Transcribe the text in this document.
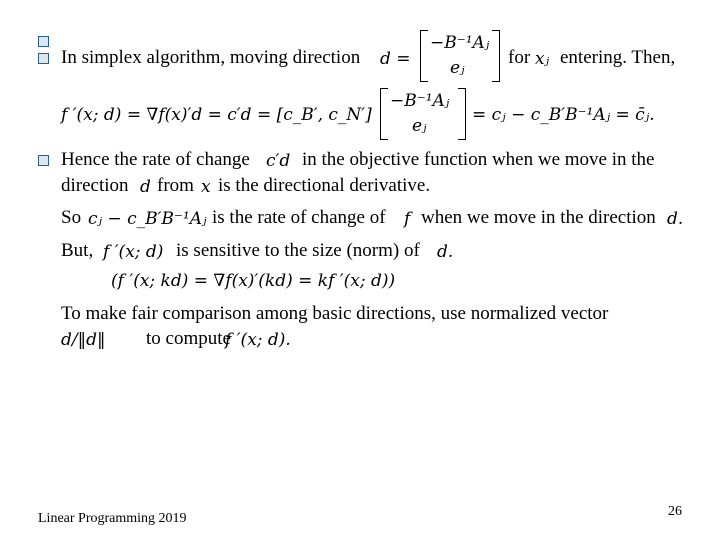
In simplex algorithm, moving direction d =
−B⁻¹Aⱼ
eⱼ for xⱼ entering. Then,
f ′(x; d) = ∇f(x)′d = c′d = [c_B′, c_N′]
−B⁻¹Aⱼ
eⱼ
= cⱼ − c_B′B⁻¹Aⱼ = c̄ⱼ.
Hence the rate of change c′d in the objective function when we move in the
direction d from x is the directional derivative.
So cⱼ − c_B′B⁻¹Aⱼ is the rate of change of f when we move in the direction d.
But, f ′(x; d) is sensitive to the size (norm) of d.
(f ′(x; kd) = ∇f(x)′(kd) = kf ′(x; d))
To make fair comparison among basic directions, use normalized vector
d/‖d‖ to compute
f ′(x; d).
Linear Programming 2019	26
